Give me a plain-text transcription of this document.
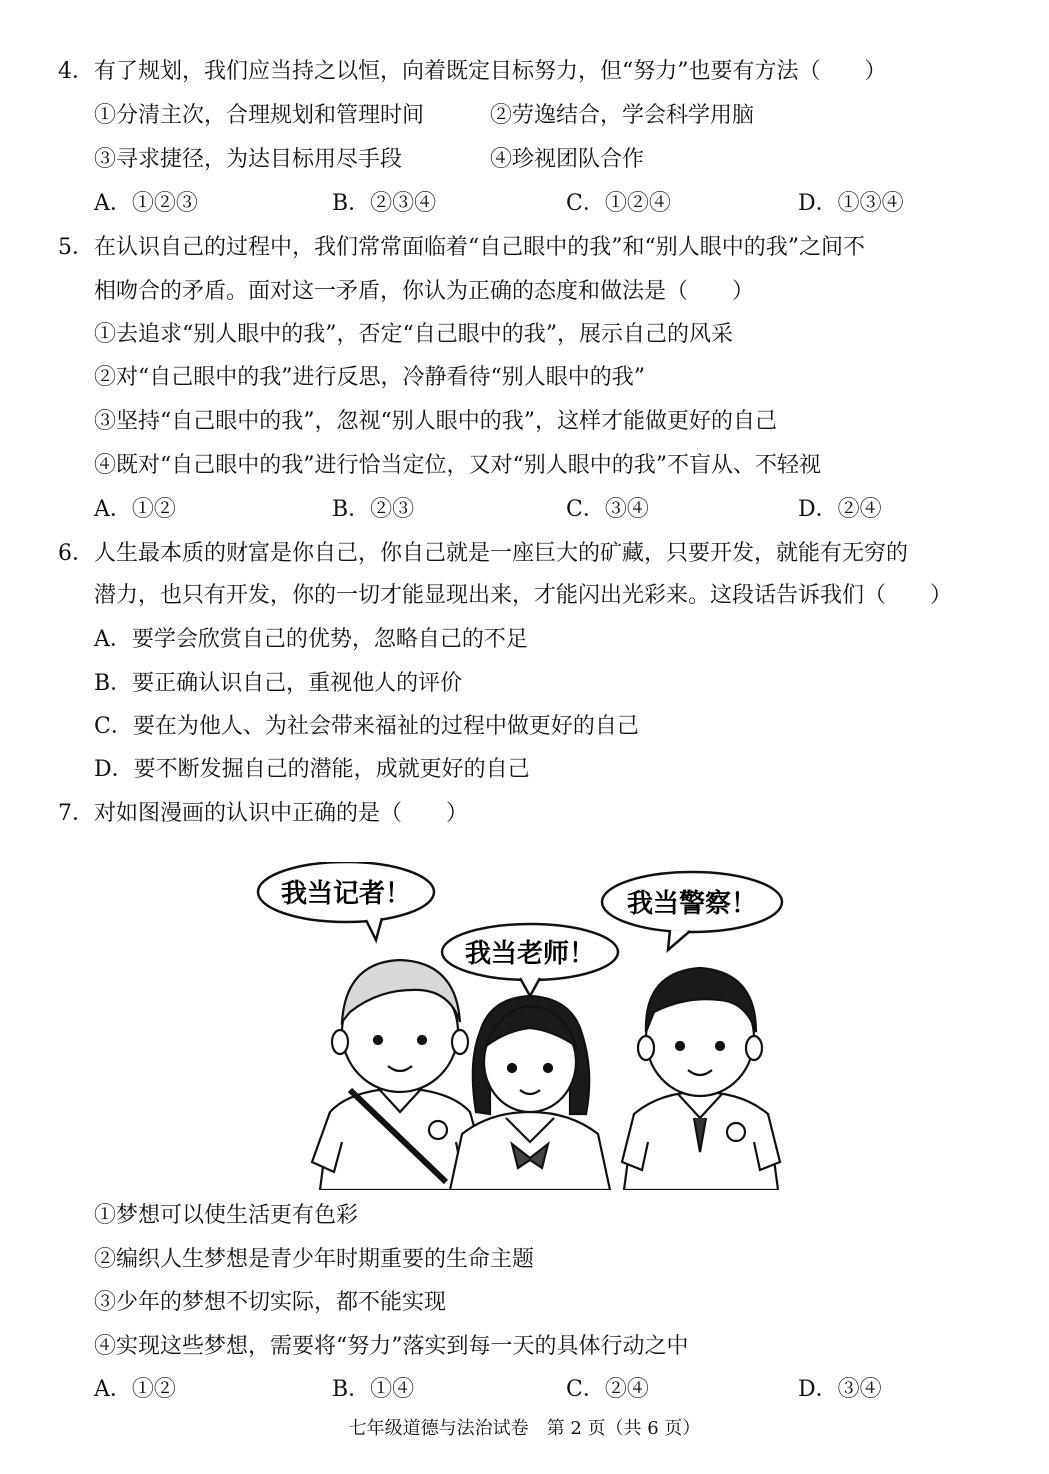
4．有了规划，我们应当持之以恒，向着既定目标努力，但“努力”也要有方法（　　）
①分清主次，合理规划和管理时间	②劳逸结合，学会科学用脑
③寻求捷径，为达目标用尽手段	④珍视团队合作
A．①②③	B．②③④	C．①②④	D．①③④
5．在认识自己的过程中，我们常常面临着“自己眼中的我”和“别人眼中的我”之间不
相吻合的矛盾。面对这一矛盾，你认为正确的态度和做法是（　　）
①去追求“别人眼中的我”，否定“自己眼中的我”，展示自己的风采
②对“自己眼中的我”进行反思，冷静看待“别人眼中的我”
③坚持“自己眼中的我”，忽视“别人眼中的我”，这样才能做更好的自己
④既对“自己眼中的我”进行恰当定位，又对“别人眼中的我”不盲从、不轻视
A．①②	B．②③	C．③④	D．②④
6．人生最本质的财富是你自己，你自己就是一座巨大的矿藏，只要开发，就能有无穷的
潜力，也只有开发，你的一切才能显现出来，才能闪出光彩来。这段话告诉我们（　　）
A．要学会欣赏自己的优势，忽略自己的不足
B．要正确认识自己，重视他人的评价
C．要在为他人、为社会带来福祉的过程中做更好的自己
D．要不断发掘自己的潜能，成就更好的自己
7．对如图漫画的认识中正确的是（　　）
我当记者！
我当老师！
我当警察！
①梦想可以使生活更有色彩
②编织人生梦想是青少年时期重要的生命主题
③少年的梦想不切实际，都不能实现
④实现这些梦想，需要将“努力”落实到每一天的具体行动之中
A．①②	B．①④	C．②④	D．③④
七年级道德与法治试卷　第 2 页（共 6 页）
